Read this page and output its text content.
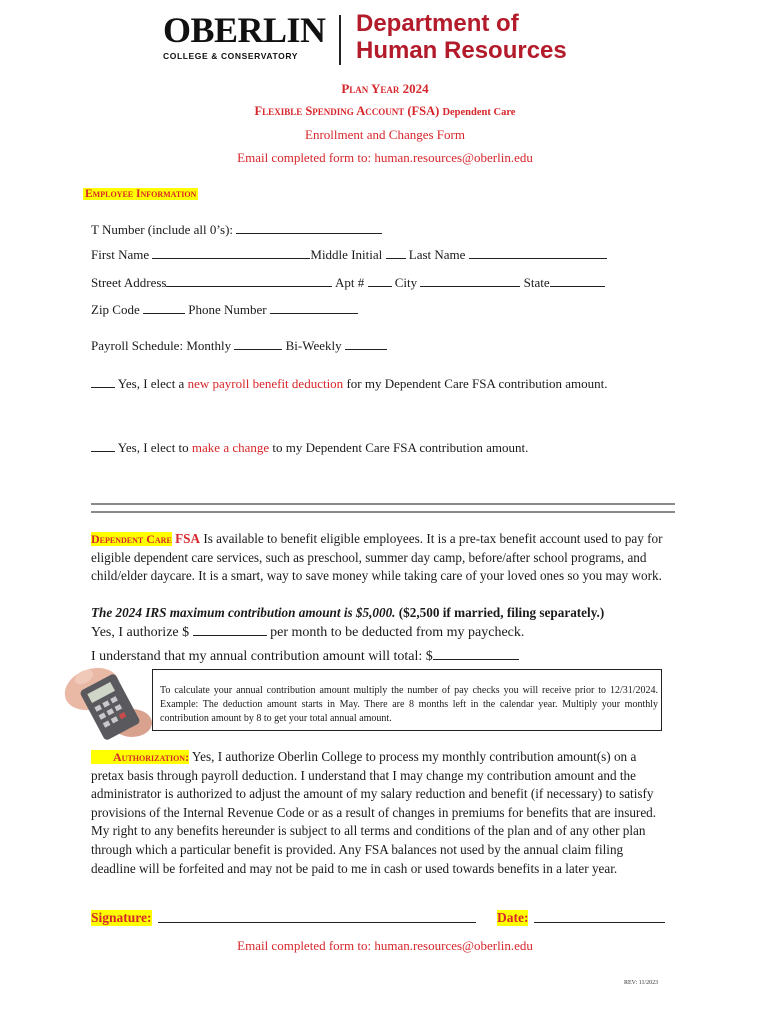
OBERLIN
COLLEGE & CONSERVATORY
Department of
Human Resources
Plan Year 2024
Flexible Spending Account (FSA) Dependent Care
Enrollment and Changes Form
Email completed form to: human.resources@oberlin.edu
Employee Information
T Number (include all 0’s):
First Name	Middle Initial Last Name
Street Address	Apt # City	State
Zip Code	Phone Number
Payroll Schedule: Monthly	Bi-Weekly
Yes, I elect a new payroll benefit deduction for my Dependent Care FSA contribution amount.
Yes, I elect to make a change to my Dependent Care FSA contribution amount.
Dependent Care FSA Is available to benefit eligible employees. It is a pre-tax benefit account used to pay for eligible dependent care services, such as preschool, summer day camp, before/after school programs, and child/elder daycare. It is a smart, way to save money while taking care of your loved ones so you may work.
The 2024 IRS maximum contribution amount is $5,000. ($2,500 if married, filing separately.)
Yes, I authorize $	per month to be deducted from my paycheck.
I understand that my annual contribution amount will total: $
To calculate your annual contribution amount multiply the number of pay checks you will receive prior to 12/31/2024. Example: The deduction amount starts in May. There are 8 months left in the calendar year. Multiply your monthly contribution amount by 8 to get your total annual amount.
Authorization: Yes, I authorize Oberlin College to process my monthly contribution amount(s) on a pretax basis through payroll deduction. I understand that I may change my contribution amount and the administrator is authorized to adjust the amount of my salary reduction and benefit (if necessary) to satisfy provisions of the Internal Revenue Code or as a result of changes in premiums for benefits that are insured. My right to any benefits hereunder is subject to all terms and conditions of the plan and of any other plan through which a particular benefit is provided. Any FSA balances not used by the annual claim filing deadline will be forfeited and may not be paid to me in cash or used towards benefits in a later year.
Signature:	Date:
Email completed form to: human.resources@oberlin.edu
REV: 11/2023
